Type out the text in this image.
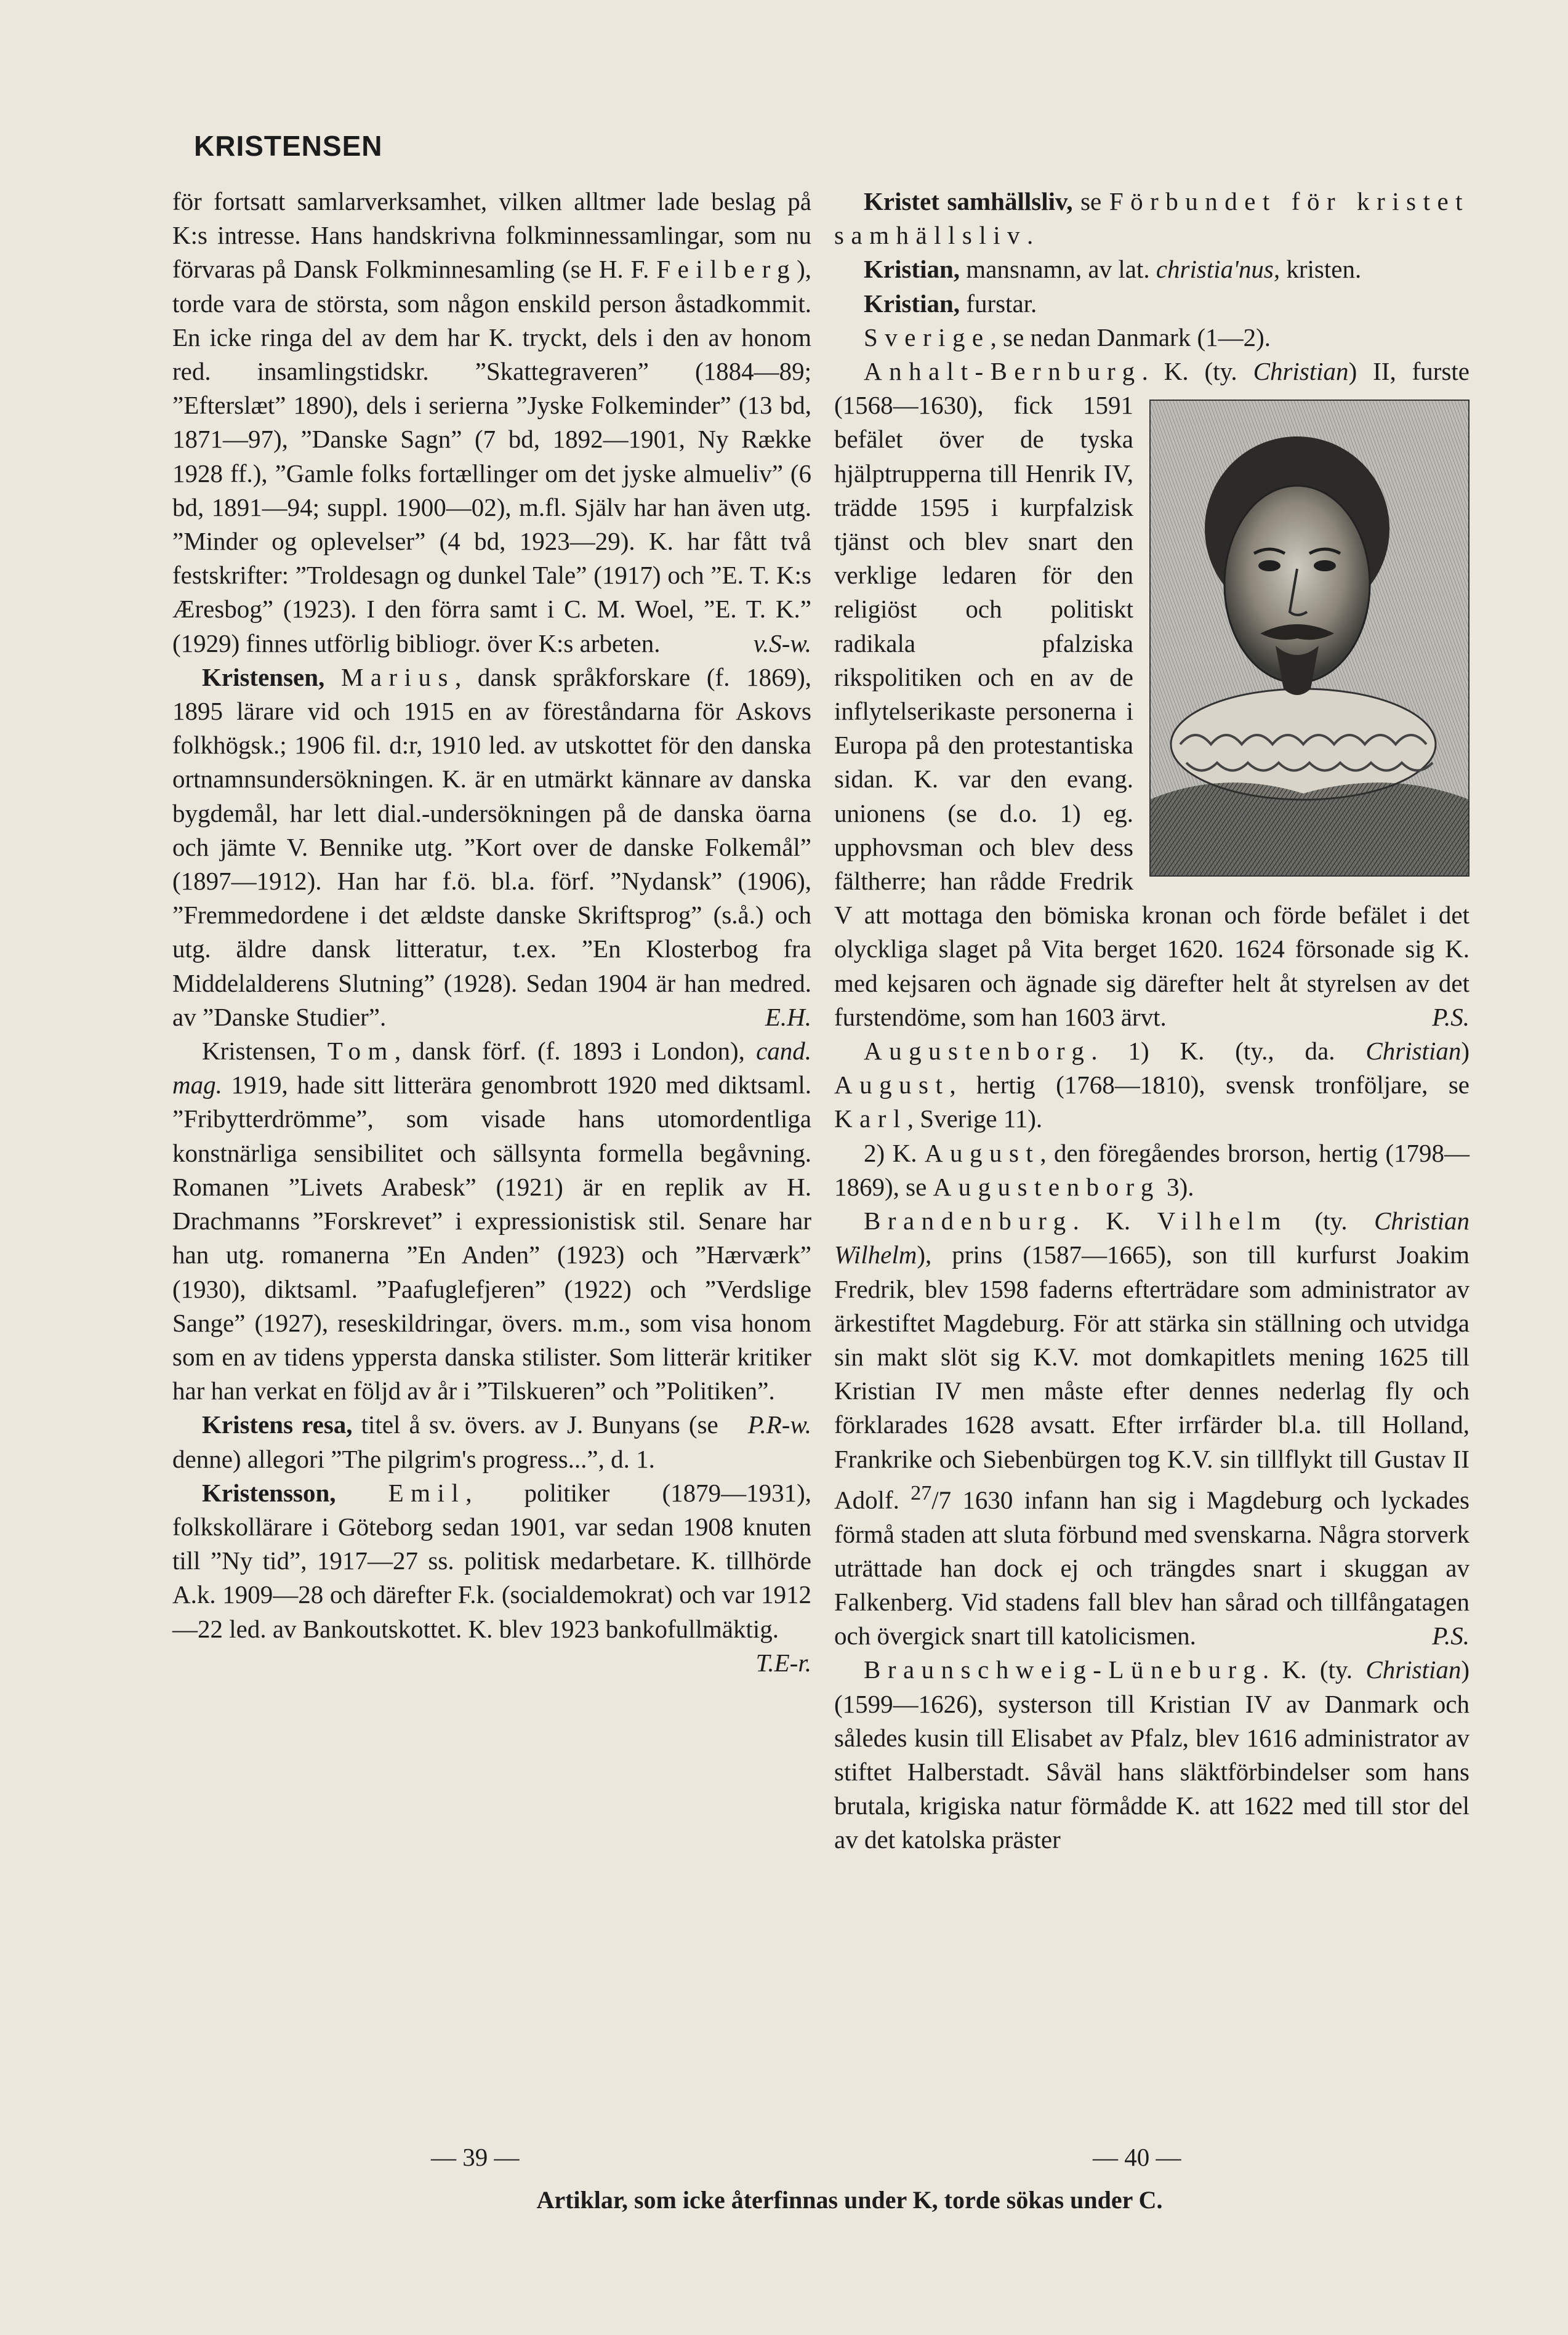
KRISTENSEN

för fortsatt samlarverksamhet, vilken alltmer lade beslag på K:s intresse. Hans handskrivna folkminnessamlingar, som nu förvaras på Dansk Folkminnesamling (se H. F. Feilberg), torde vara de största, som någon enskild person åstadkommit. En icke ringa del av dem har K. tryckt, dels i den av honom red. insamlingstidskr. ”Skattegraveren” (1884—89; ”Efterslæt” 1890), dels i serierna ”Jyske Folkeminder” (13 bd, 1871—97), ”Danske Sagn” (7 bd, 1892—1901, Ny Række 1928 ff.), ”Gamle folks fortællinger om det jyske almueliv” (6 bd, 1891—94; suppl. 1900—02), m.fl. Själv har han även utg. ”Minder og oplevelser” (4 bd, 1923—29). K. har fått två festskrifter: ”Troldesagn og dunkel Tale” (1917) och ”E. T. K:s Æresbog” (1923). I den förra samt i C. M. Woel, ”E. T. K.” (1929) finnes utförlig bibliogr. över K:s arbeten.	v.S-w.

Kristensen, Marius, dansk språkforskare (f. 1869), 1895 lärare vid och 1915 en av föreståndarna för Askovs folkhögsk.; 1906 fil. d:r, 1910 led. av utskottet för den danska ortnamnsundersökningen. K. är en utmärkt kännare av danska bygdemål, har lett dial.-undersökningen på de danska öarna och jämte V. Bennike utg. ”Kort over de danske Folkemål” (1897—1912). Han har f.ö. bl.a. förf. ”Nydansk” (1906), ”Fremmedordene i det ældste danske Skriftsprog” (s.å.) och utg. äldre dansk litteratur, t.ex. ”En Klosterbog fra Middelalderens Slutning” (1928). Sedan 1904 är han medred. av ”Danske Studier”.	E.H.

Kristensen, Tom, dansk förf. (f. 1893 i London), cand. mag. 1919, hade sitt litterära genombrott 1920 med diktsaml. ”Fribytterdrömme”, som visade hans utomordentliga konstnärliga sensibilitet och sällsynta formella begåvning. Romanen ”Livets Arabesk” (1921) är en replik av H. Drachmanns ”Forskrevet” i expressionistisk stil. Senare har han utg. romanerna ”En Anden” (1923) och ”Hærværk” (1930), diktsaml. ”Paafuglefjeren” (1922) och ”Verdslige Sange” (1927), reseskildringar, övers. m.m., som visa honom som en av tidens yppersta danska stilister. Som litterär kritiker har han verkat en följd av år i ”Tilskueren” och ”Politiken”.
P.R-w.

Kristens resa, titel å sv. övers. av J. Bunyans (se denne) allegori ”The pilgrim's progress...”, d. 1.

Kristensson, Emil, politiker (1879—1931), folkskollärare i Göteborg sedan 1901, var sedan 1908 knuten till ”Ny tid”, 1917—27 ss. politisk medarbetare. K. tillhörde A.k. 1909—28 och därefter F.k. (socialdemokrat) och var 1912—22 led. av Bankoutskottet. K. blev 1923 bankofullmäktig.
T.E-r.

Kristet samhällsliv, se Förbundet för kristet samhällsliv.

Kristian, mansnamn, av lat. christia'nus, kristen.

Kristian, furstar.

Sverige, se nedan Danmark (1—2).

Anhalt-Bernburg. K. (ty. Christian
) II, furste (1568—1630), fick 1591 befälet över de tyska hjälptrupperna till Henrik IV, trädde 1595 i kurpfalzisk tjänst och blev snart den verklige ledaren för den religiöst och politiskt radikala pfalziska rikspolitiken och en av de inflytelserikaste personerna i Europa på den protestantiska sidan. K. var den evang. unionens (se d.o. 1) eg. upphovsman och blev dess fältherre; han rådde Fredrik V att mottaga den bömiska kronan och förde befälet i det olyckliga slaget på Vita berget 1620. 1624 försonade sig K. med kejsaren och ägnade sig därefter helt åt styrelsen av det furstendöme, som han 1603 ärvt.	P.S.

Augustenborg. 1) K. (ty., da. Christian) August, hertig (1768—1810), svensk tronföljare, se Karl, Sverige 11).

2) K. August, den föregåendes brorson, hertig (1798—1869), se Augustenborg 3).

Brandenburg. K. Vilhelm (ty. Christian Wilhelm), prins (1587—1665), son till kurfurst Joakim Fredrik, blev 1598 faderns efterträdare som administrator av ärkestiftet Magdeburg. För att stärka sin ställning och utvidga sin makt slöt sig K.V. mot domkapitlets mening 1625 till Kristian IV men måste efter dennes nederlag fly och förklarades 1628 avsatt. Efter irrfärder bl.a. till Holland, Frankrike och Siebenbürgen tog K.V. sin tillflykt till Gustav II Adolf. $^{27}$/7 1630 infann han sig i Magdeburg och lyckades förmå staden att sluta förbund med svenskarna. Några storverk uträttade han dock ej och trängdes snart i skuggan av Falkenberg. Vid stadens fall blev han sårad och tillfångatagen och övergick snart till katolicismen.	P.S.

Braunschweig-Lüneburg. K. (ty. Christian) (1599—1626), systerson till Kristian IV av Danmark och således kusin till Elisabet av Pfalz, blev 1616 administrator av stiftet Halberstadt. Såväl hans släktförbindelser som hans brutala, krigiska natur förmådde K. att 1622 med till stor del av det katolska präster

— 39 —	— 40 —
Artiklar, som icke återfinnas under K, torde sökas under C.
